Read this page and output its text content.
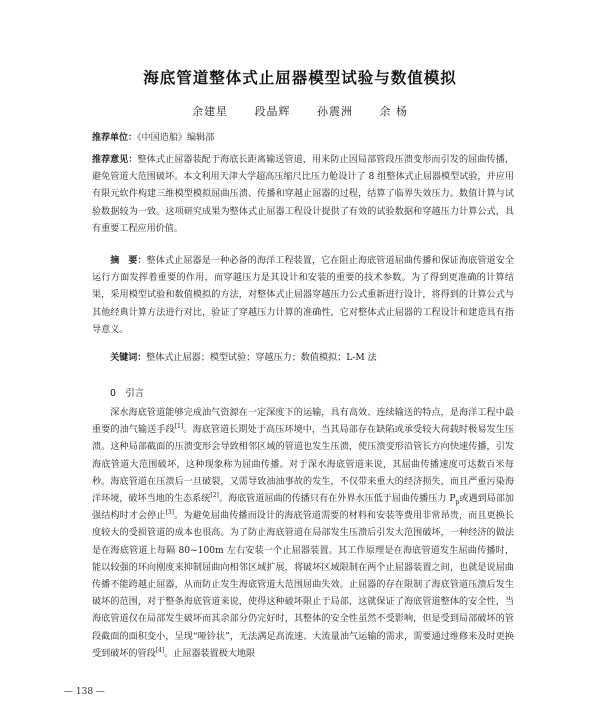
海底管道整体式止屈器模型试验与数值模拟
余建星 段晶辉 孙震洲 余 杨

推荐单位：《中国造船》编辑部

推荐意见：整体式止屈器装配于海底长距离输送管道，用来防止因局部管段压溃变形而引发的屈曲传播，避免管道大范围破坏。本文利用天津大学超高压缩尺比压力舱设计了 8 组整体式止屈器模型试验，并应用有限元软件构建三维模型模拟屈曲压溃、传播和穿越止屈器的过程，结算了临界失效压力。数值计算与试验数据较为一致。这项研究成果为整体式止屈器工程设计提供了有效的试验数据和穿越压力计算公式，具有重要工程应用价值。

摘　要：整体式止屈器是一种必备的海洋工程装置，它在阻止海底管道屈曲传播和保证海底管道安全运行方面发挥着重要的作用，而穿越压力是其设计和安装的重要的技术参数。为了得到更准确的计算结果，采用模型试验和数值模拟的方法，对整体式止屈器穿越压力公式重新进行设计，将得到的计算公式与其他经典计算方法进行对比，验证了穿越压力计算的准确性，它对整体式止屈器的工程设计和建造具有指导意义。

关键词：整体式止屈器；模型试验；穿越压力；数值模拟；L-M 法

0　引言

深水海底管道能够完成油气资源在一定深度下的运输，具有高效、连续输送的特点，是海洋工程中最重要的油气输送手段[1]。海底管道长期处于高压环境中，当其局部存在缺陷或承受较大荷载时极易发生压溃。这种局部截面的压溃变形会导致相邻区域的管道也发生压溃，使压溃变形沿管长方向快速传播，引发海底管道大范围破坏，这种现象称为屈曲传播。对于深水海底管道来说，其屈曲传播速度可达数百米每秒。海底管道在压溃后一旦破裂，又需导致油油事故的发生，不仅带来重大的经济损失，而且严重污染海洋环境，破坏当地的生态系统[2]。海底管道屈曲的传播只有在外界水压低于屈曲传播压力 $P_p$或遇到局部加强结构时才会停止[3]。为避免屈曲传播而设计的海底管道需要的材料和安装等费用非常昂贵，而且更换长度较大的受损管道的成本也很高。为了防止海底管道在局部发生压溃后引发大范围破坏，一种经济的做法是在海底管道上每隔 80~100m 左右安装一个止屈器装置。其工作原理是在海底管道发生屈曲传播时，能以较强的环向刚度来抑制屈曲向相邻区域扩展，将破坏区域限制在两个止屈器装置之间，也就是说屈曲传播不能跨越止屈器，从而防止发生海底管道大范围屈曲失效。止屈器的存在限制了海底管道压溃后发生破坏的范围，对于整条海底管道来说，使得这种破坏限止于局部，这就保证了海底管道整体的安全性，当海底管道仅在局部发生破坏而其余部分仍完好时，其整体的安全性虽然不受影响，但是受到局部破坏的管段截面的面积变小，呈现“哑铃状”，无法满足高流速、大流量油气运输的需求，需要通过维修来及时更换受到破坏的管段[4]。止屈器装置极大地限

— 138 —
